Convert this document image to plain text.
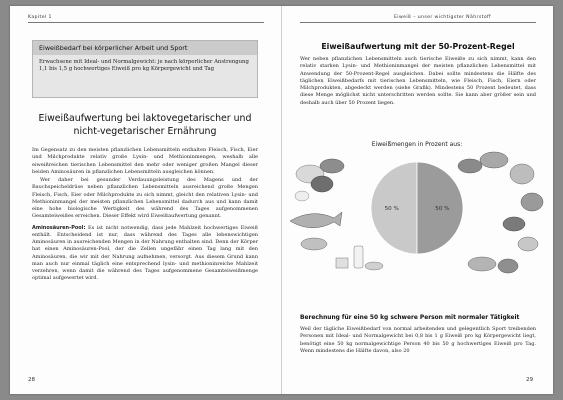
Kapitel 1
Eiweißbedarf bei körperlicher Arbeit und Sport
Erwachsene mit Ideal- und Normalgewicht: je nach körperlicher Anstrengung 1,1 bis 1,5 g hochwertiges Eiweiß pro kg Körpergewicht und Tag
Eiweißaufwertung bei laktovegetarischer und nicht-vegetarischer Ernährung

Im Gegensatz zu den meisten pflanzlichen Lebensmitteln enthalten Fleisch, Fisch, Eier und Milchprodukte relativ große Lysin- und Methioninmengen, weshalb alle eiweißreichen tierischen Lebensmittel den mehr oder weniger großen Mangel dieser beiden Aminosäuren in pflanzlichen Lebensmitteln ausgleichen können.

Wer daher bei gesunder Verdauungsleistung des Magens und der Bauchspeicheldrüse neben pflanzlichen Lebensmitteln ausreichend große Mengen Fleisch, Fisch, Eier oder Milchprodukte zu sich nimmt, gleicht den relativen Lysin- und Methioninmangel der meisten pflanzlichen Lebensmittel dadurch aus und kann damit eine hohe biologische Wertigkeit des während des Tages aufgenommenen Gesamteiweißes erreichen. Dieser Effekt wird Eiweißaufwertung genannt.

Aminosäuren-Pool: Es ist nicht notwendig, dass jede Mahlzeit hochwertiges Eiweiß enthält. Entscheidend ist nur, dass während des Tages alle lebenswichtigen Aminosäuren in ausreichenden Mengen in der Nahrung enthalten sind. Denn der Körper hat einen Aminosäuren-Pool, der die Zellen ungefähr einen Tag lang mit den Aminosäuren, die wir mit der Nahrung aufnehmen, versorgt. Aus diesem Grund kann man auch nur einmal täglich eine entsprechend lysin- und methioninreiche Mahlzeit verzehren, wenn damit die während des Tages aufgenommene Gesamteiweißmenge optimal aufgewertet wird.

28
Eiweiß – unser wichtigster Nährstoff
Eiweißaufwertung mit der 50-Prozent-Regel

Wer neben pflanzlichen Lebensmitteln auch tierische Eiweiße zu sich nimmt, kann den relativ starken Lysin- und Methioninmangel der meisten pflanzlichen Lebensmittel mit Anwendung der 50-Prozent-Regel ausgleichen. Dabei sollte mindestens die Hälfte des täglichen Eiweißbedarfs mit tierischen Lebensmitteln, wie Fleisch, Fisch, Eiern oder Milchprodukten, abgedeckt werden (siehe Grafik). Mindestens 50 Prozent bedeutet, dass diese Menge möglichst nicht unterschritten werden sollte. Sie kann aber größer sein und deshalb auch über 50 Prozent liegen.

Eiweißmengen in Prozent aus:
50 %	50 %
Berechnung für eine 50 kg schwere Person mit normaler Tätigkeit

Weil der tägliche Eiweißbedarf von normal arbeitenden und gelegentlich Sport treibenden Personen mit Ideal- und Normalgewicht bei 0,8 bis 1 g Eiweiß pro kg Körpergewicht liegt, benötigt eine 50 kg normalgewichtige Person 40 bis 50 g hochwertiges Eiweiß pro Tag. Wenn mindestens die Hälfte davon, also 20

29
